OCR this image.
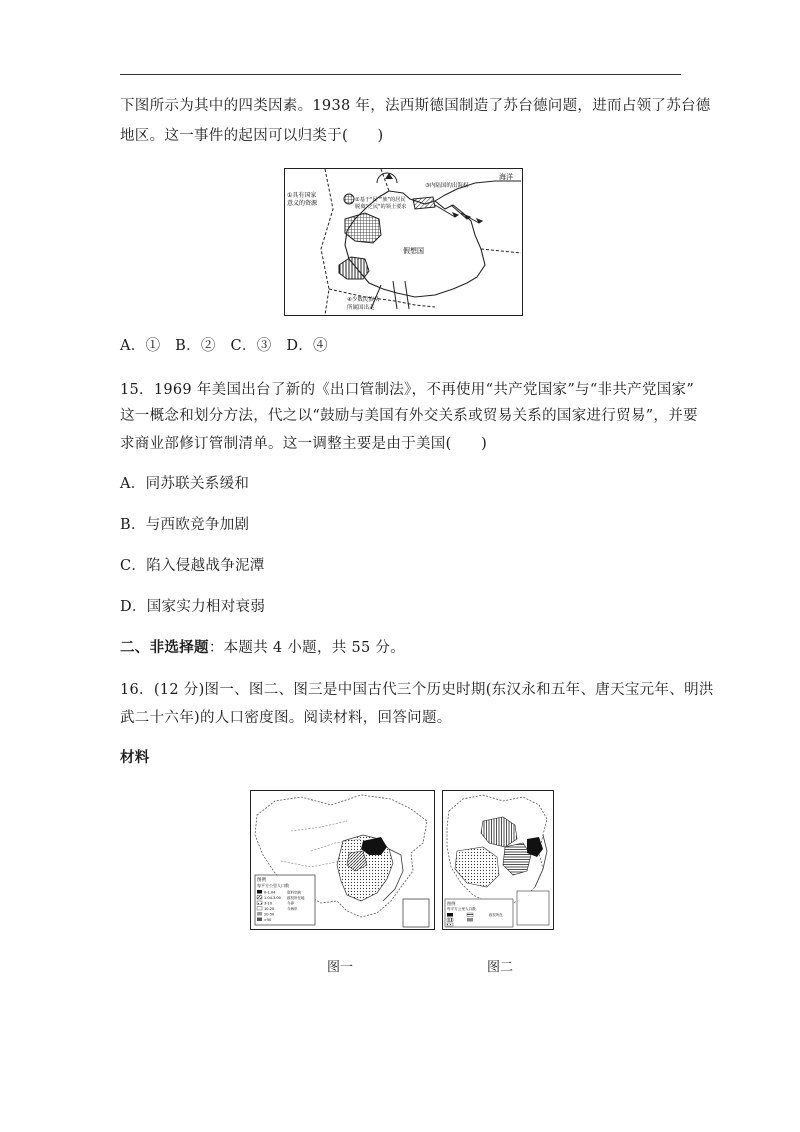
下图所示为其中的四类因素。1938 年，法西斯德国制造了苏台德问题，进而占领了苏台德
地区。这一事件的起因可以归类于(　　)
海洋
①具有国家
意义的资源	②基于"民""族"的居民
脱离"之民"的领土要求
③内陆国的出海权
假想国
④少数民族从
所属国出走
A．①　B．②　C．③　D．④
15．1969 年美国出台了新的《出口管制法》，不再使用“共产党国家”与“非共产党国家”
这一概念和划分方法，代之以“鼓励与美国有外交关系或贸易关系的国家进行贸易”，并要
求商业部修订管制清单。这一调整主要是由于美国(　　)
A．同苏联关系缓和
B．与西欧竞争加剧
C．陷入侵越战争泥潭
D．国家实力相对衰弱
二、非选择题：本题共 4 小题，共 55 分。
16．(12 分)图一、图二、图三是中国古代三个历史时期(东汉永和五年、唐天宝元年、明洪
武二十六年)的人口密度图。阅读材料，回答问题。
材料
图例
每平方公里人口数
0-1.04
1.04-3.00
3-10
10-20
20-50
>50
资料空缺
政权所在地
今界
今海岸
图例
每平方公里人口数
政权所在
图一	图二
